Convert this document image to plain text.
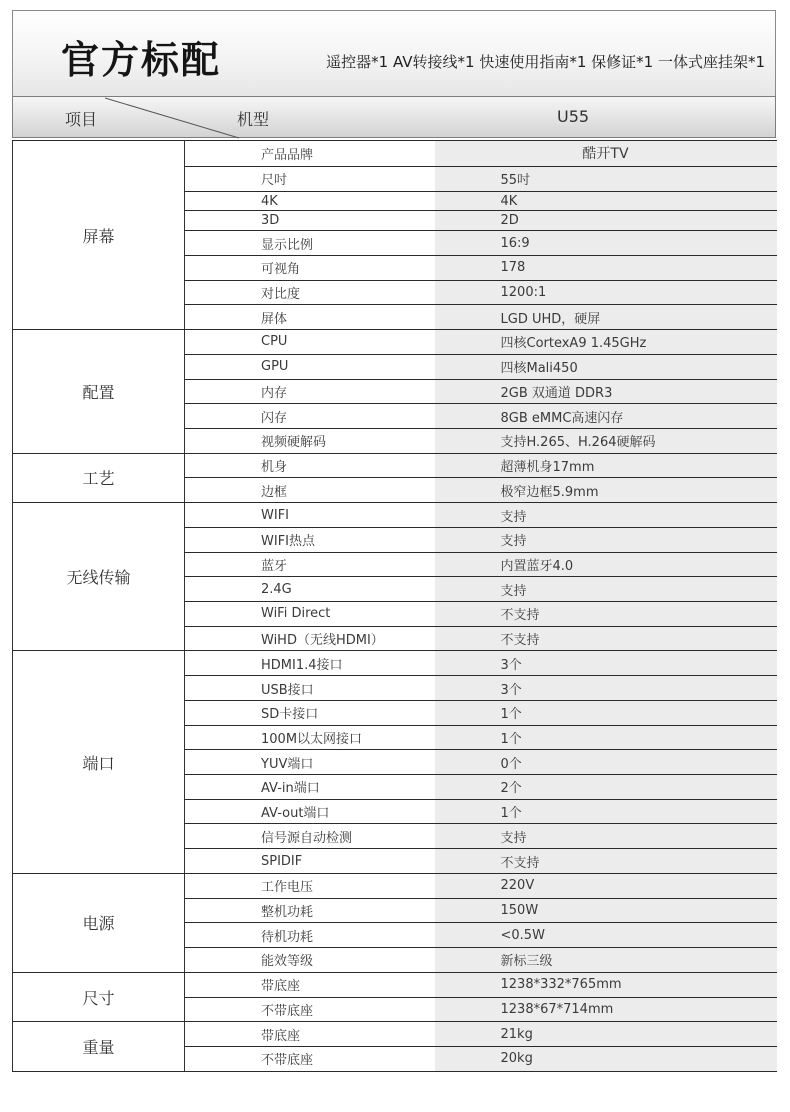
官方标配	遥控器*1 AV转接线*1 快速使用指南*1 保修证*1 一体式座挂架*1
项目	机型	U55
屏幕	产品品牌	酷开TV
	尺吋	55吋
	4K	4K
	3D	2D
	显示比例	16:9
	可视角	178
	对比度	1200:1
	屏体	LGD UHD，硬屏
配置	CPU	四核CortexA9 1.45GHz
	GPU	四核Mali450
	内存	2GB 双通道 DDR3
	闪存	8GB eMMC高速闪存
	视频硬解码	支持H.265、H.264硬解码
工艺	机身	超薄机身17mm
	边框	极窄边框5.9mm
无线传输	WIFI	支持
	WIFI热点	支持
	蓝牙	内置蓝牙4.0
	2.4G	支持
	WiFi Direct	不支持
	WiHD（无线HDMI）	不支持
端口	HDMI1.4接口	3个
	USB接口	3个
	SD卡接口	1个
	100M以太网接口	1个
	YUV端口	0个
	AV-in端口	2个
	AV-out端口	1个
	信号源自动检测	支持
	SPIDIF	不支持
电源	工作电压	220V
	整机功耗	150W
	待机功耗	<0.5W
	能效等级	新标三级
尺寸	带底座	1238*332*765mm
	不带底座	1238*67*714mm
重量	带底座	21kg
	不带底座	20kg
